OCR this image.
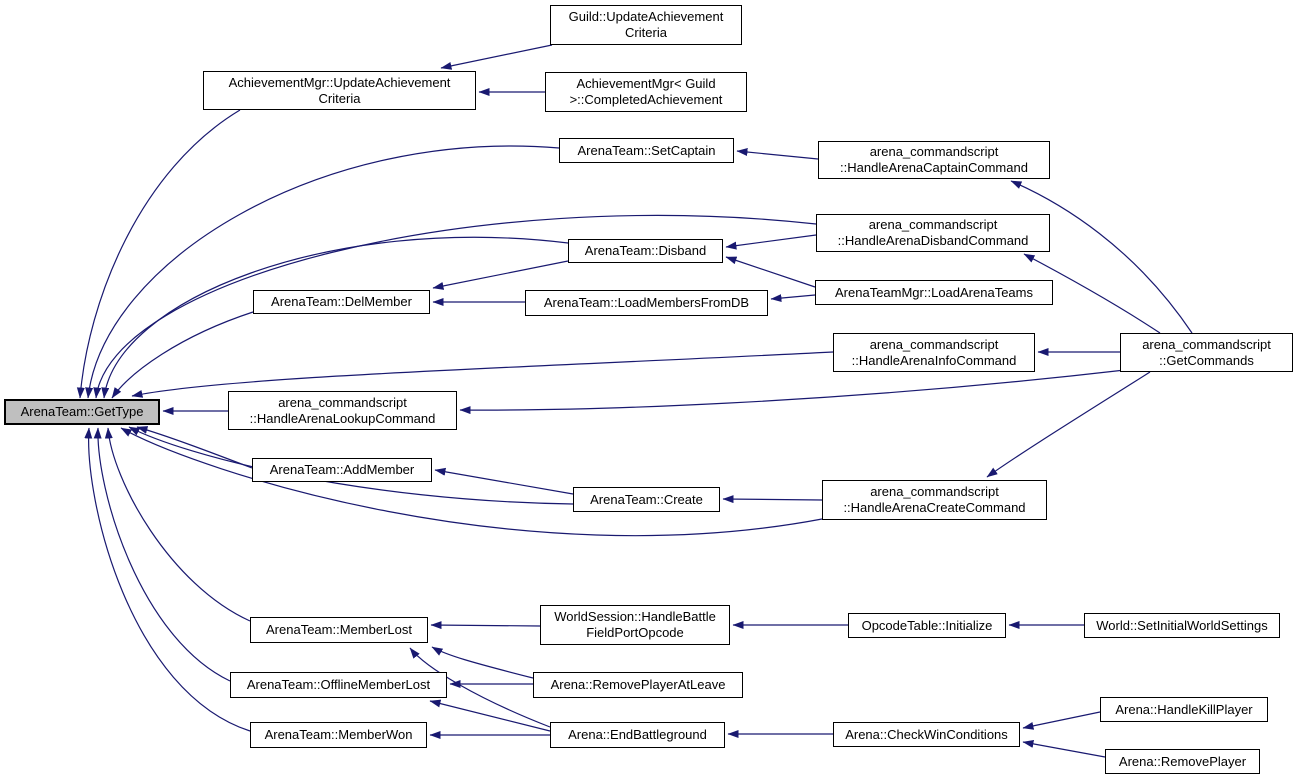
Guild::UpdateAchievement
Criteria
AchievementMgr::UpdateAchievement
Criteria
AchievementMgr< Guild
>::CompletedAchievement
ArenaTeam::SetCaptain	arena_commandscript
::HandleArenaCaptainCommand
arena_commandscript
::HandleArenaDisbandCommand
ArenaTeam::Disband
ArenaTeam::DelMember	ArenaTeam::LoadMembersFromDB
ArenaTeamMgr::LoadArenaTeams
arena_commandscript
::HandleArenaInfoCommand
arena_commandscript
::GetCommands
ArenaTeam::GetType
arena_commandscript
::HandleArenaLookupCommand
ArenaTeam::AddMember
ArenaTeam::Create	arena_commandscript
::HandleArenaCreateCommand
ArenaTeam::MemberLost
WorldSession::HandleBattle
FieldPortOpcode
ArenaTeam::OfflineMemberLost	Arena::RemovePlayerAtLeave
ArenaTeam::MemberWon	Arena::EndBattleground
OpcodeTable::Initialize	World::SetInitialWorldSettings
Arena::CheckWinConditions
Arena::HandleKillPlayer
Arena::RemovePlayer
